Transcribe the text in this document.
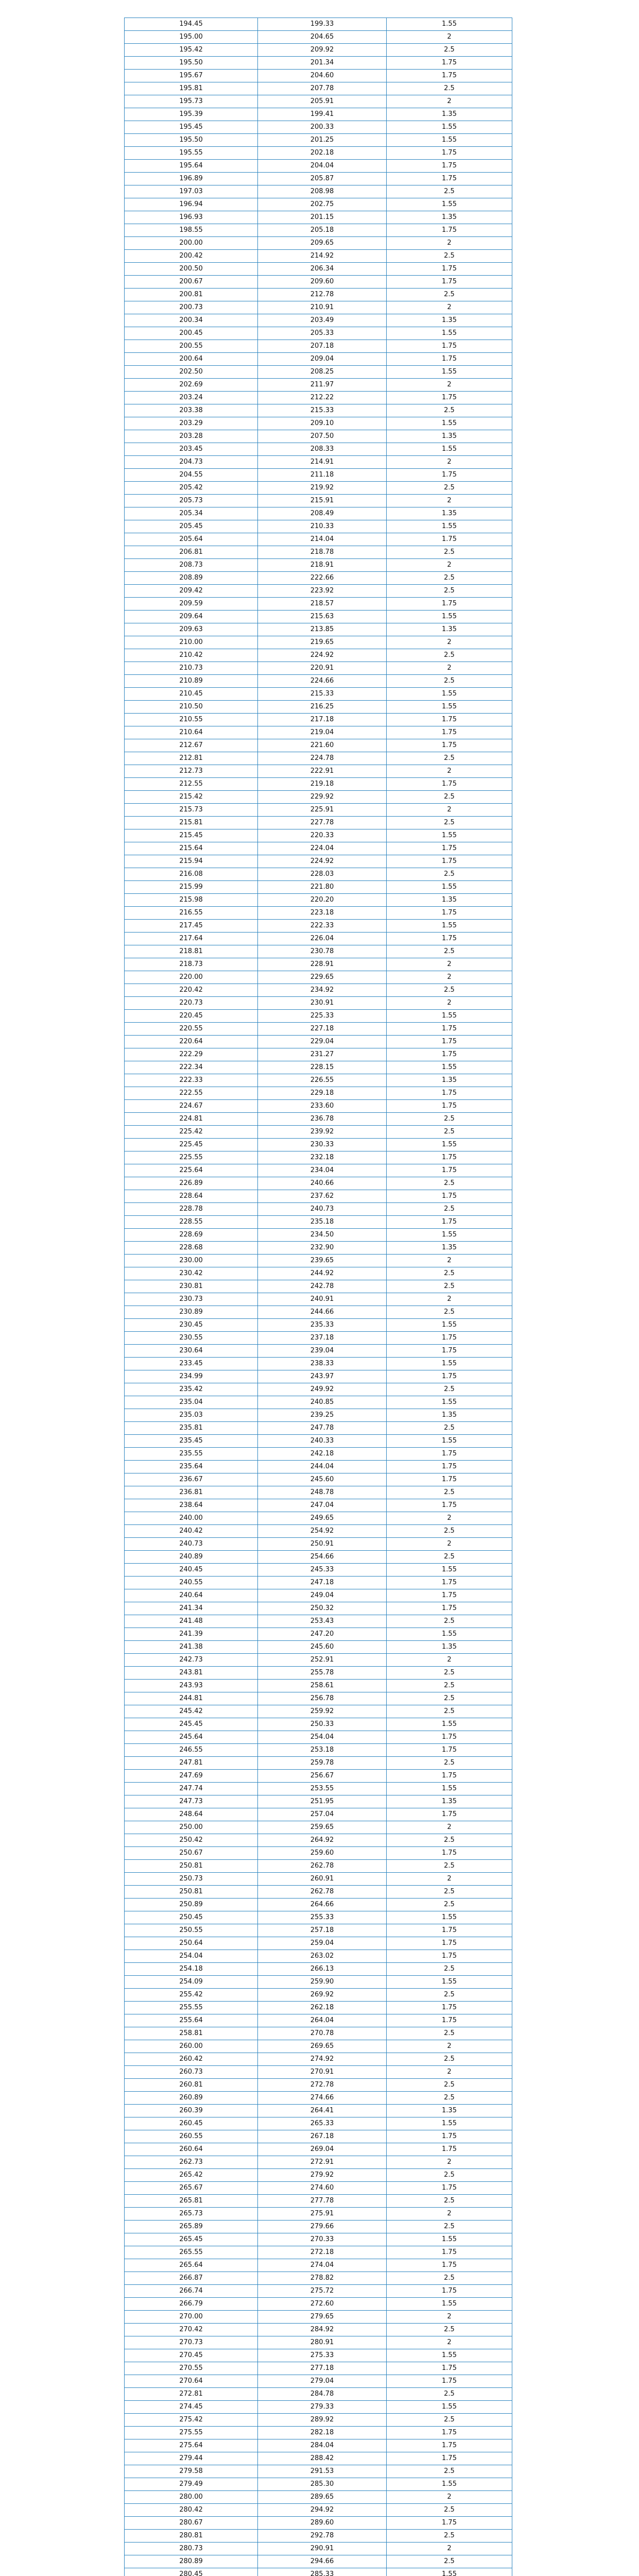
194.45	199.33	1.55
195.00	204.65	2
195.42	209.92	2.5
195.50	201.34	1.75
195.67	204.60	1.75
195.81	207.78	2.5
195.73	205.91	2
195.39	199.41	1.35
195.45	200.33	1.55
195.50	201.25	1.55
195.55	202.18	1.75
195.64	204.04	1.75
196.89	205.87	1.75
197.03	208.98	2.5
196.94	202.75	1.55
196.93	201.15	1.35
198.55	205.18	1.75
200.00	209.65	2
200.42	214.92	2.5
200.50	206.34	1.75
200.67	209.60	1.75
200.81	212.78	2.5
200.73	210.91	2
200.34	203.49	1.35
200.45	205.33	1.55
200.55	207.18	1.75
200.64	209.04	1.75
202.50	208.25	1.55
202.69	211.97	2
203.24	212.22	1.75
203.38	215.33	2.5
203.29	209.10	1.55
203.28	207.50	1.35
203.45	208.33	1.55
204.73	214.91	2
204.55	211.18	1.75
205.42	219.92	2.5
205.73	215.91	2
205.34	208.49	1.35
205.45	210.33	1.55
205.64	214.04	1.75
206.81	218.78	2.5
208.73	218.91	2
208.89	222.66	2.5
209.42	223.92	2.5
209.59	218.57	1.75
209.64	215.63	1.55
209.63	213.85	1.35
210.00	219.65	2
210.42	224.92	2.5
210.73	220.91	2
210.89	224.66	2.5
210.45	215.33	1.55
210.50	216.25	1.55
210.55	217.18	1.75
210.64	219.04	1.75
212.67	221.60	1.75
212.81	224.78	2.5
212.73	222.91	2
212.55	219.18	1.75
215.42	229.92	2.5
215.73	225.91	2
215.81	227.78	2.5
215.45	220.33	1.55
215.64	224.04	1.75
215.94	224.92	1.75
216.08	228.03	2.5
215.99	221.80	1.55
215.98	220.20	1.35
216.55	223.18	1.75
217.45	222.33	1.55
217.64	226.04	1.75
218.81	230.78	2.5
218.73	228.91	2
220.00	229.65	2
220.42	234.92	2.5
220.73	230.91	2
220.45	225.33	1.55
220.55	227.18	1.75
220.64	229.04	1.75
222.29	231.27	1.75
222.34	228.15	1.55
222.33	226.55	1.35
222.55	229.18	1.75
224.67	233.60	1.75
224.81	236.78	2.5
225.42	239.92	2.5
225.45	230.33	1.55
225.55	232.18	1.75
225.64	234.04	1.75
226.89	240.66	2.5
228.64	237.62	1.75
228.78	240.73	2.5
228.55	235.18	1.75
228.69	234.50	1.55
228.68	232.90	1.35
230.00	239.65	2
230.42	244.92	2.5
230.81	242.78	2.5
230.73	240.91	2
230.89	244.66	2.5
230.45	235.33	1.55
230.55	237.18	1.75
230.64	239.04	1.75
233.45	238.33	1.55
234.99	243.97	1.75
235.42	249.92	2.5
235.04	240.85	1.55
235.03	239.25	1.35
235.81	247.78	2.5
235.45	240.33	1.55
235.55	242.18	1.75
235.64	244.04	1.75
236.67	245.60	1.75
236.81	248.78	2.5
238.64	247.04	1.75
240.00	249.65	2
240.42	254.92	2.5
240.73	250.91	2
240.89	254.66	2.5
240.45	245.33	1.55
240.55	247.18	1.75
240.64	249.04	1.75
241.34	250.32	1.75
241.48	253.43	2.5
241.39	247.20	1.55
241.38	245.60	1.35
242.73	252.91	2
243.81	255.78	2.5
243.93	258.61	2.5
244.81	256.78	2.5
245.42	259.92	2.5
245.45	250.33	1.55
245.64	254.04	1.75
246.55	253.18	1.75
247.81	259.78	2.5
247.69	256.67	1.75
247.74	253.55	1.55
247.73	251.95	1.35
248.64	257.04	1.75
250.00	259.65	2
250.42	264.92	2.5
250.67	259.60	1.75
250.81	262.78	2.5
250.73	260.91	2
250.81	262.78	2.5
250.89	264.66	2.5
250.45	255.33	1.55
250.55	257.18	1.75
250.64	259.04	1.75
254.04	263.02	1.75
254.18	266.13	2.5
254.09	259.90	1.55
255.42	269.92	2.5
255.55	262.18	1.75
255.64	264.04	1.75
258.81	270.78	2.5
260.00	269.65	2
260.42	274.92	2.5
260.73	270.91	2
260.81	272.78	2.5
260.89	274.66	2.5
260.39	264.41	1.35
260.45	265.33	1.55
260.55	267.18	1.75
260.64	269.04	1.75
262.73	272.91	2
265.42	279.92	2.5
265.67	274.60	1.75
265.81	277.78	2.5
265.73	275.91	2
265.89	279.66	2.5
265.45	270.33	1.55
265.55	272.18	1.75
265.64	274.04	1.75
266.87	278.82	2.5
266.74	275.72	1.75
266.79	272.60	1.55
270.00	279.65	2
270.42	284.92	2.5
270.73	280.91	2
270.45	275.33	1.55
270.55	277.18	1.75
270.64	279.04	1.75
272.81	284.78	2.5
274.45	279.33	1.55
275.42	289.92	2.5
275.55	282.18	1.75
275.64	284.04	1.75
279.44	288.42	1.75
279.58	291.53	2.5
279.49	285.30	1.55
280.00	289.65	2
280.42	294.92	2.5
280.67	289.60	1.75
280.81	292.78	2.5
280.73	290.91	2
280.89	294.66	2.5
280.45	285.33	1.55
